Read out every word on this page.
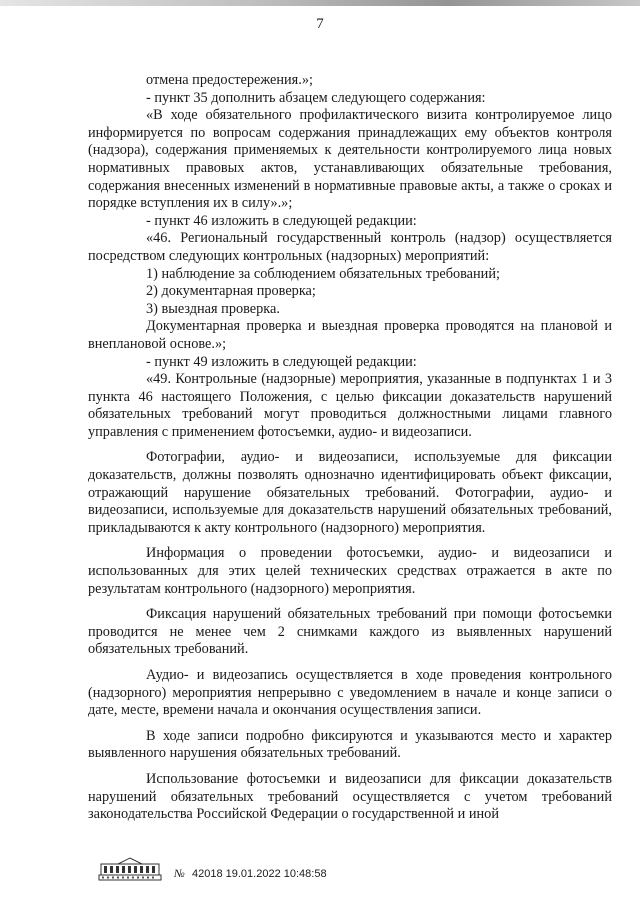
7

отмена предостережения.»;

- пункт 35 дополнить абзацем следующего содержания:

«В ходе обязательного профилактического визита контролируемое лицо информируется по вопросам содержания принадлежащих ему объектов контроля (надзора), содержания применяемых к деятельности контролируемого лица новых нормативных правовых актов, устанавливающих обязательные требования, содержания внесенных изменений в нормативные правовые акты, а также о сроках и порядке вступления их в силу».»;

- пункт 46 изложить в следующей редакции:

«46. Региональный государственный контроль (надзор) осуществляется посредством следующих контрольных (надзорных) мероприятий:

1) наблюдение за соблюдением обязательных требований;

2) документарная проверка;

3) выездная проверка.

Документарная проверка и выездная проверка проводятся на плановой и внеплановой основе.»;

- пункт 49 изложить в следующей редакции:

«49. Контрольные (надзорные) мероприятия, указанные в подпунктах 1 и 3 пункта 46 настоящего Положения, с целью фиксации доказательств нарушений обязательных требований могут проводиться должностными лицами главного управления с применением фотосъемки, аудио- и видеозаписи.

Фотографии, аудио- и видеозаписи, используемые для фиксации доказательств, должны позволять однозначно идентифицировать объект фиксации, отражающий нарушение обязательных требований. Фотографии, аудио- и видеозаписи, используемые для доказательств нарушений обязательных требований, прикладываются к акту контрольного (надзорного) мероприятия.

Информация о проведении фотосъемки, аудио- и видеозаписи и использованных для этих целей технических средствах отражается в акте по результатам контрольного (надзорного) мероприятия.

Фиксация нарушений обязательных требований при помощи фотосъемки проводится не менее чем 2 снимками каждого из выявленных нарушений обязательных требований.

Аудио- и видеозапись осуществляется в ходе проведения контрольного (надзорного) мероприятия непрерывно с уведомлением в начале и конце записи о дате, месте, времени начала и окончания осуществления записи.

В ходе записи подробно фиксируются и указываются место и характер выявленного нарушения обязательных требований.

Использование фотосъемки и видеозаписи для фиксации доказательств нарушений обязательных требований осуществляется с учетом требований законодательства Российской Федерации о государственной и иной

№ 42018 19.01.2022 10:48:58
